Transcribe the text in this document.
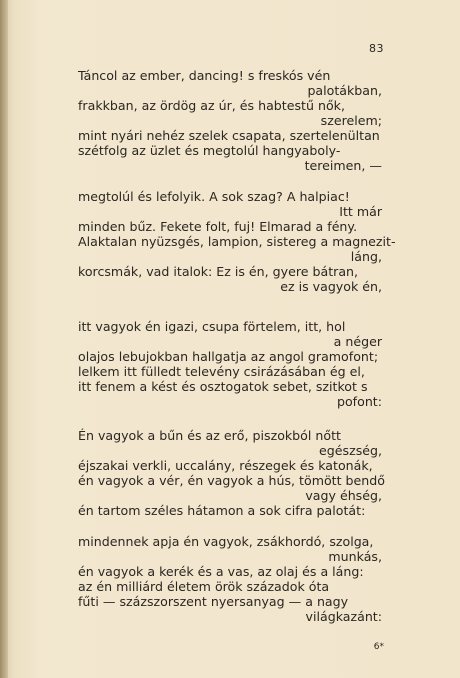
83
Táncol az ember, dancing! s freskós vén
palotákban,
frakkban, az ördög az úr, és habtestű nők,
szerelem;
mint nyári nehéz szelek csapata, szertelenültan
szétfolg az üzlet és megtolúl hangyaboly-
tereimen, —
megtolúl és lefolyik. A sok szag? A halpiac!
Itt már
minden bűz. Fekete folt, fuj! Elmarad a fény.
Alaktalan nyüzsgés, lampion, sistereg a magnezit-
láng,
korcsmák, vad italok: Ez is én, gyere bátran,
ez is vagyok én,
itt vagyok én igazi, csupa förtelem, itt, hol
a néger
olajos lebujokban hallgatja az angol gramofont;
lelkem itt fülledt televény csirázásában ég el,
itt fenem a kést és osztogatok sebet, szitkot s
pofont:
Én vagyok a bűn és az erő, piszokból nőtt
egészség,
éjszakai verkli, uccalány, részegek és katonák,
én vagyok a vér, én vagyok a hús, tömött bendő
vagy éhség,
én tartom széles hátamon a sok cifra palotát:
mindennek apja én vagyok, zsákhordó, szolga,
munkás,
én vagyok a kerék és a vas, az olaj és a láng:
az én milliárd életem örök századok óta
fűti — százszorszent nyersanyag — a nagy
világkazánt:
6*
